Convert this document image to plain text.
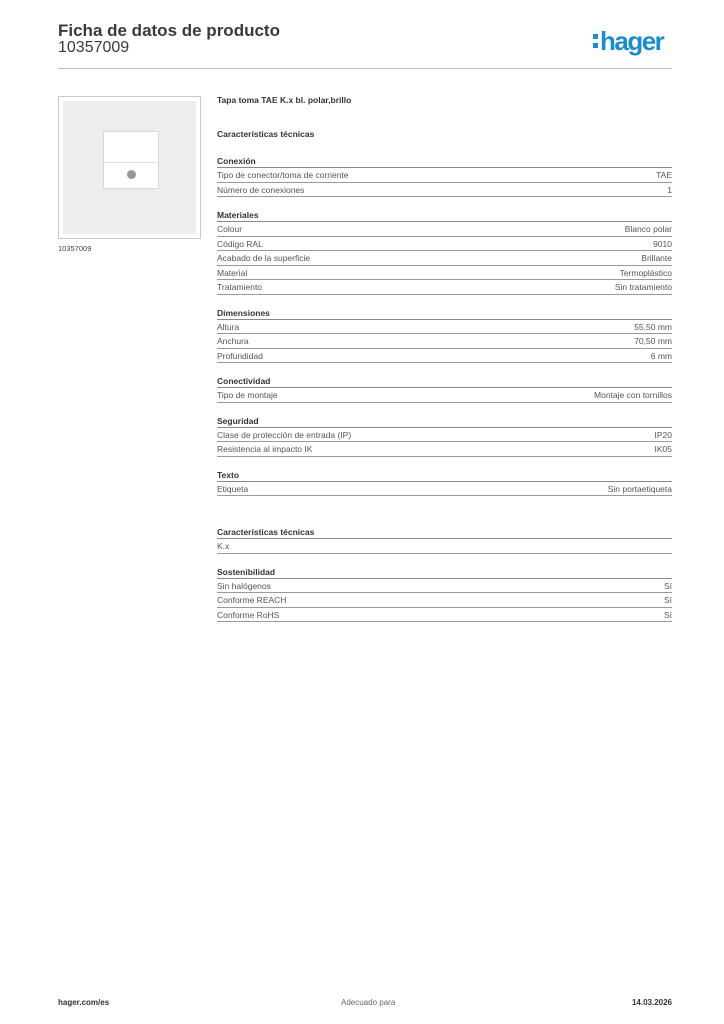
Ficha de datos de producto
10357009	hager
10357009
Tapa toma TAE K.x bl. polar,brillo
Características técnicas
Conexión
Tipo de conector/toma de corriente	TAE
Número de conexiones	1
Materiales
Colour	Blanco polar
Código RAL	9010
Acabado de la superficie	Brillante
Material	Termoplástico
Tratamiento	Sin tratamiento
Dimensiones
Altura	55,50 mm
Anchura	70,50 mm
Profundidad	6 mm
Conectividad
Tipo de montaje	Montaje con tornillos
Seguridad
Clase de protección de entrada (IP)	IP20
Resistencia al impacto IK	IK05
Texto
Etiqueta	Sin portaetiqueta
Características técnicas
K.x
Sostenibilidad
Sin halógenos	Sí
Conforme REACH	Sí
Conforme RoHS	Sí
hager.com/es	Adecuado para	14.03.2026
